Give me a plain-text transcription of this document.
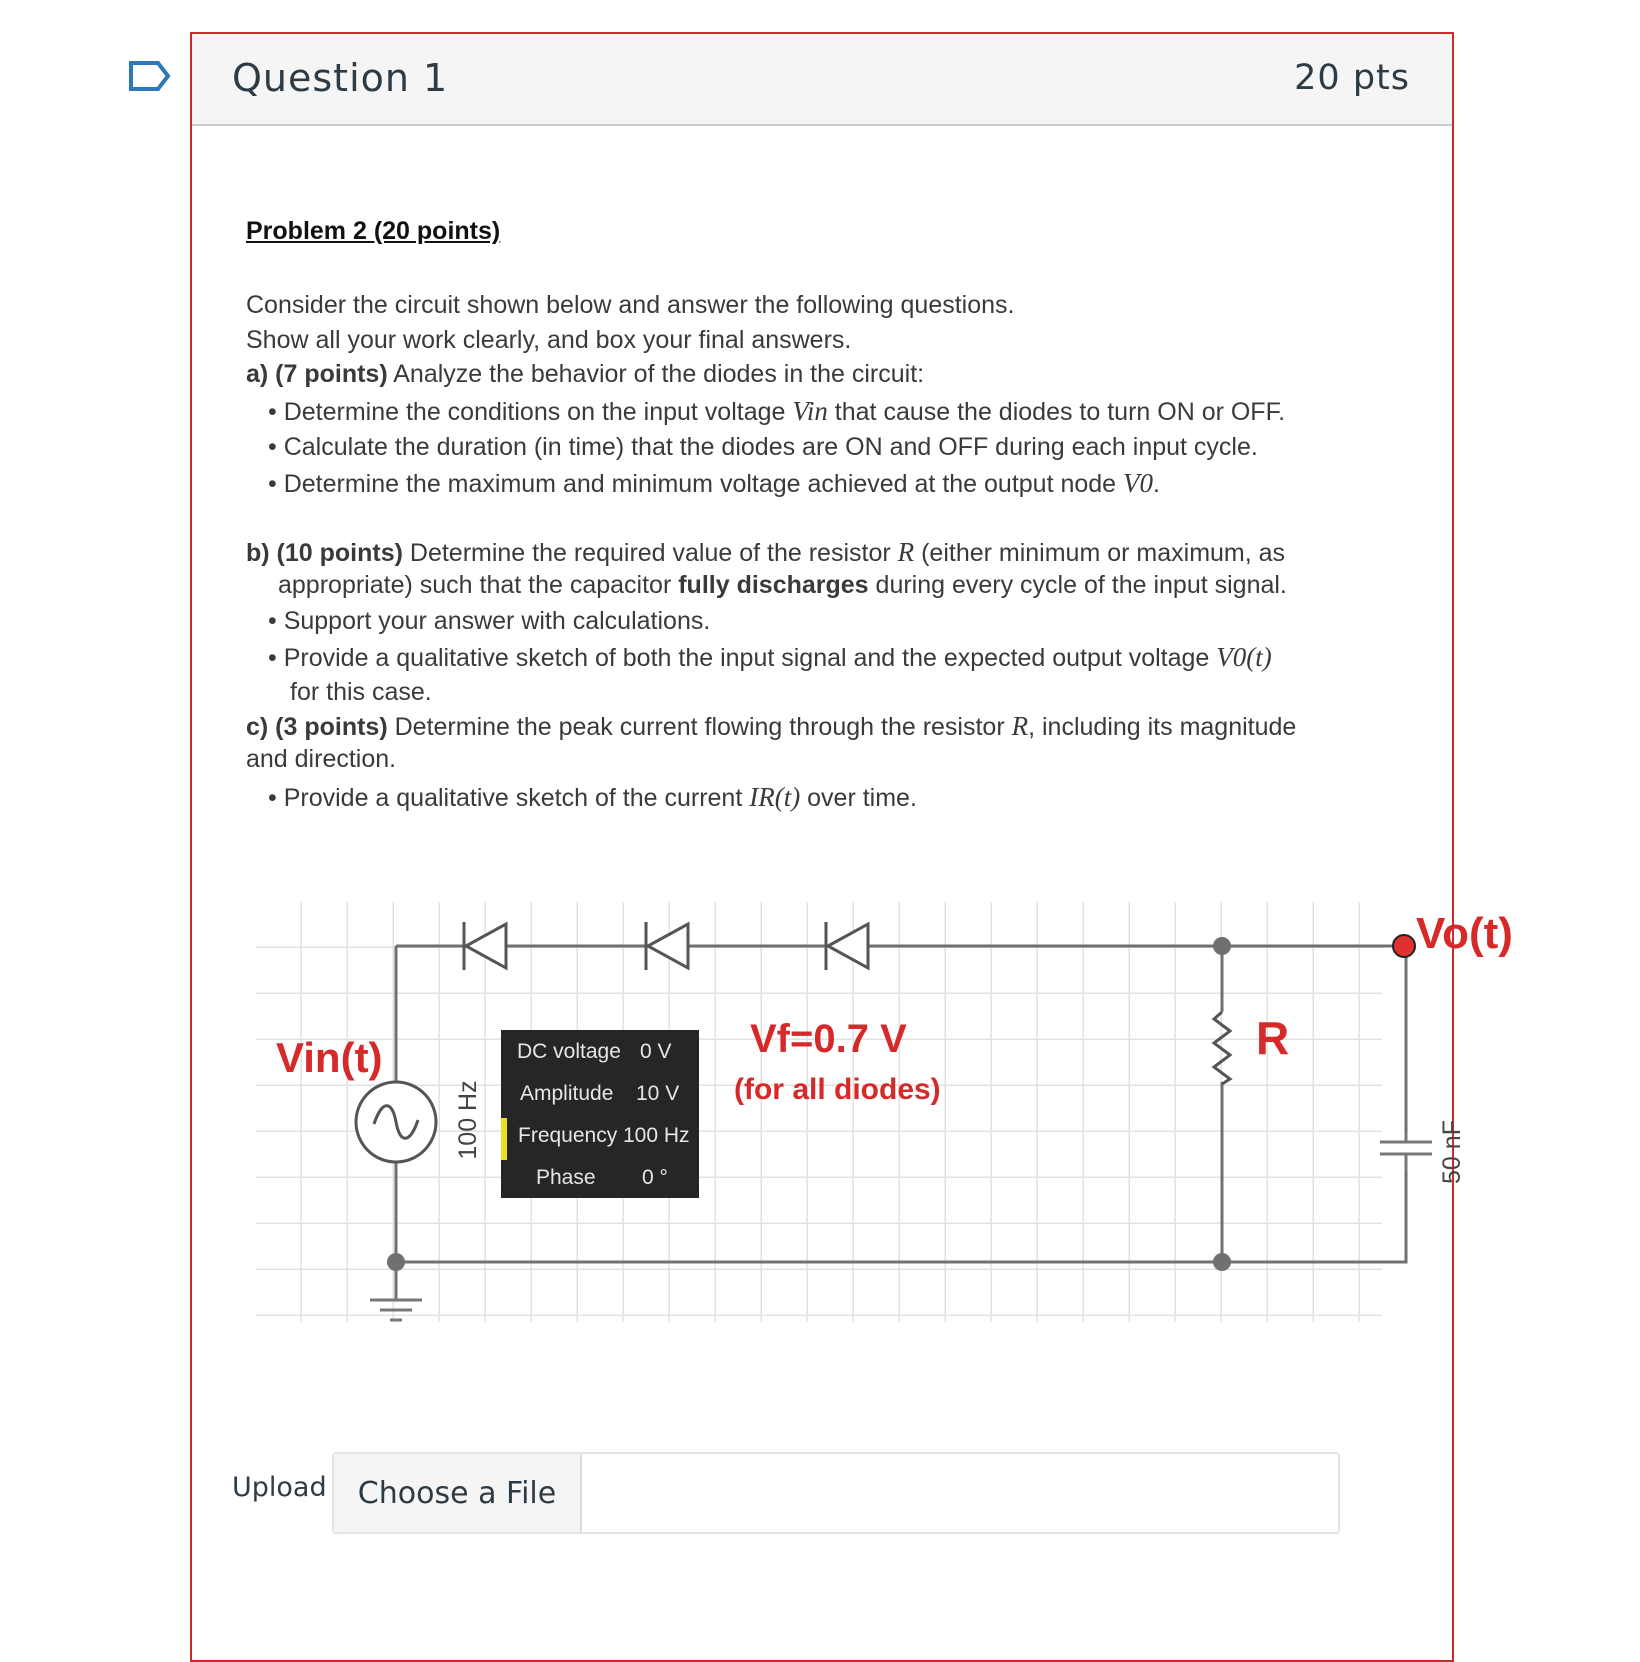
Question 1	20 pts
Problem 2 (20 points)
Consider the circuit shown below and answer the following questions.
Show all your work clearly, and box your final answers.
a) (7 points) Analyze the behavior of the diodes in the circuit:
• Determine the conditions on the input voltage Vin that cause the diodes to turn ON or OFF.
• Calculate the duration (in time) that the diodes are ON and OFF during each input cycle.
• Determine the maximum and minimum voltage achieved at the output node V0.
b) (10 points) Determine the required value of the resistor R (either minimum or maximum, as
appropriate) such that the capacitor fully discharges during every cycle of the input signal.
• Support your answer with calculations.
• Provide a qualitative sketch of both the input signal and the expected output voltage V0(t)
for this case.
c) (3 points) Determine the peak current flowing through the resistor R, including its magnitude
and direction.
• Provide a qualitative sketch of the current IR(t) over time.
Vin(t)
Vo(t)
R
Vf=0.7 V
(for all diodes)
100 Hz	50 nF
DC voltage 0 V
Amplitude 10 V
Frequency 100 Hz
Phase 0 °
Upload	Choose a File
